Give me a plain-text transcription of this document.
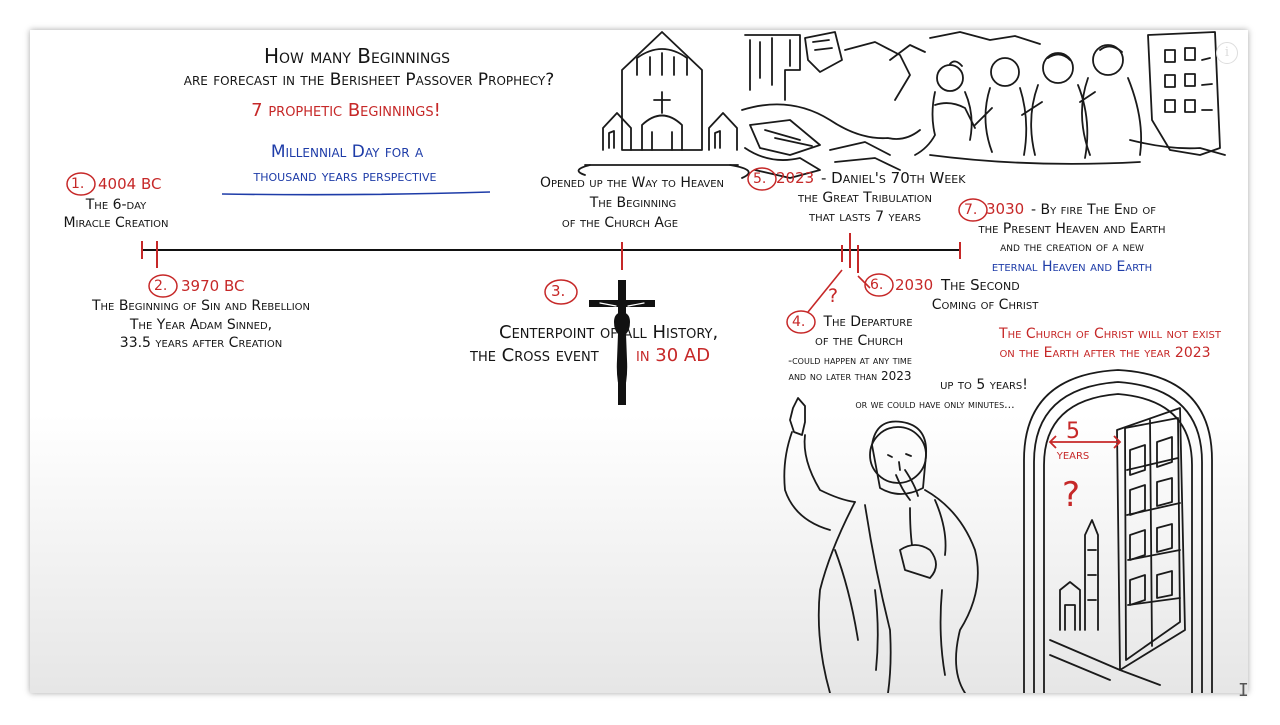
How many Beginnings
are forecast in the Berisheet Passover Prophecy?
7 prophetic Beginnings!
Millennial Day for a
thousand years perspective
1. 4004 BC
The 6-day
Miracle Creation
2. 3970 BC
The Beginning of Sin and Rebellion
The Year Adam Sinned,
33.5 years after Creation
Opened up the Way to Heaven
The Beginning
of the Church Age
3.
Centerpoint of all History,
the Cross event in 30 AD
?
4. The Departure
of the Church
-could happen at any time
and no later than 2023
5. 2023 - Daniel's 70th Week
the Great Tribulation
that lasts 7 years
6. 2030 The Second
Coming of Christ
7. 3030 - By fire The End of
the Present Heaven and Earth
and the creation of a new
eternal Heaven and Earth
The Church of Christ will not exist
on the Earth after the year 2023
up to 5 years!
or we could have only minutes...
5
years
?
i
I
